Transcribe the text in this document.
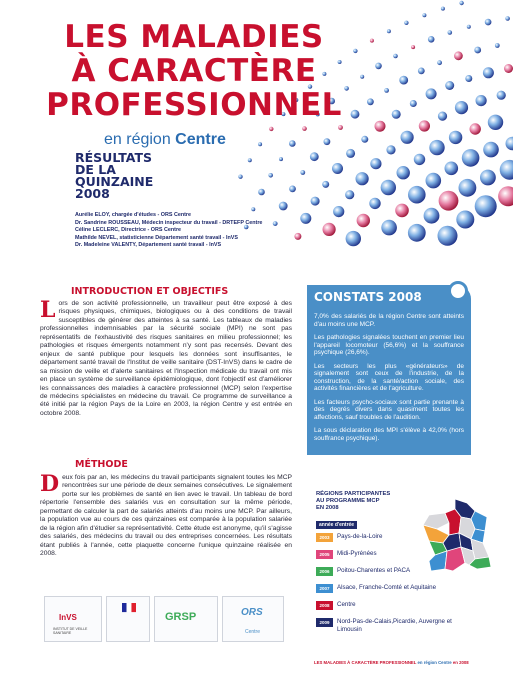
LES MALADIES
À CARACTÈRE
PROFESSIONNEL
en région Centre
RÉSULTATS
DE LA
QUINZAINE
2008
Aurélie ELOY, chargée d'études - ORS Centre
Dr. Sandrine ROUSSEAU, Médecin inspecteur du travail - DRTEFP Centre
Céline LECLERC, Directrice - ORS Centre
Mathilde NEVEL, statisticienne Département santé travail - InVS
Dr. Madeleine VALENTY, Département santé travail - InVS
INTRODUCTION ET OBJECTIFS
Lors de son activité professionnelle, un travailleur peut être exposé à des risques physiques, chimiques, biologiques ou à des conditions de travail susceptibles de générer des atteintes à sa santé. Les tableaux de maladies professionnelles indemnisables par la sécurité sociale (MPI) ne sont pas représentatifs de l'exhaustivité des risques sanitaires en milieu professionnel; les pathologies et risques émergents notamment n'y sont pas recensés. Devant des enjeux de santé publique pour lesquels les données sont insuffisantes, le département santé travail de l'Institut de veille sanitaire (DST-InVS) dans le cadre de sa mission de veille et d'alerte sanitaires et l'Inspection médicale du travail ont mis en place un système de surveillance épidémiologique, dont l'objectif est d'améliorer les connaissances des maladies à caractère professionnel (MCP) selon l'expertise de médecins spécialistes en médecine du travail. Ce programme de surveillance a été initié par la région Pays de la Loire en 2003, la région Centre y est entrée en octobre 2008.
MÉTHODE
Deux fois par an, les médecins du travail participants signalent toutes les MCP rencontrées sur une période de deux semaines consécutives. Le signalement porte sur les problèmes de santé en lien avec le travail. Un tableau de bord répertorie l'ensemble des salariés vus en consultation sur la même période, permettant de calculer la part de salariés atteints d'au moins une MCP. Par ailleurs, la population vue au cours de ces quinzaines est comparée à la population salariée de la région afin d'étudier sa représentativité. Cette étude est anonyme, qu'il s'agisse des salariés, des médecins du travail ou des entreprises concernées. Les résultats étant publiés à l'année, cette plaquette concerne l'unique quinzaine réalisée en 2008.
CONSTATS 2008

7,0% des salariés de la région Centre sont atteints d'au moins une MCP.

Les pathologies signalées touchent en premier lieu l'appareil locomoteur (56,6%) et la souffrance psychique (26,6%).

Les secteurs les plus «générateurs» de signalement sont ceux de l'industrie, de la construction, de la santé/action sociale, des activités financières et de l'agriculture.

Les facteurs psycho-sociaux sont partie prenante à des degrés divers dans quasiment toutes les affections, sauf troubles de l'audition.

La sous déclaration des MPI s'élève à 42,0% (hors souffrance psychique).

RÉGIONS PARTICIPANTES
AU PROGRAMME MCP
EN 2008
année d'entrée
2003	Pays-de-la-Loire
2005	Midi-Pyrénées
2006	Poitou-Charentes et PACA
2007	Alsace, Franche-Comté et Aquitaine
2008	Centre
2009	Nord-Pas-de-Calais,Picardie, Auvergne et Limousin
InVS
INSTITUT DE VEILLE SANITAIRE
GRSP	ORS
Centre
LES MALADIES À CARACTÈRE PROFESSIONNEL en région Centre en 2008
